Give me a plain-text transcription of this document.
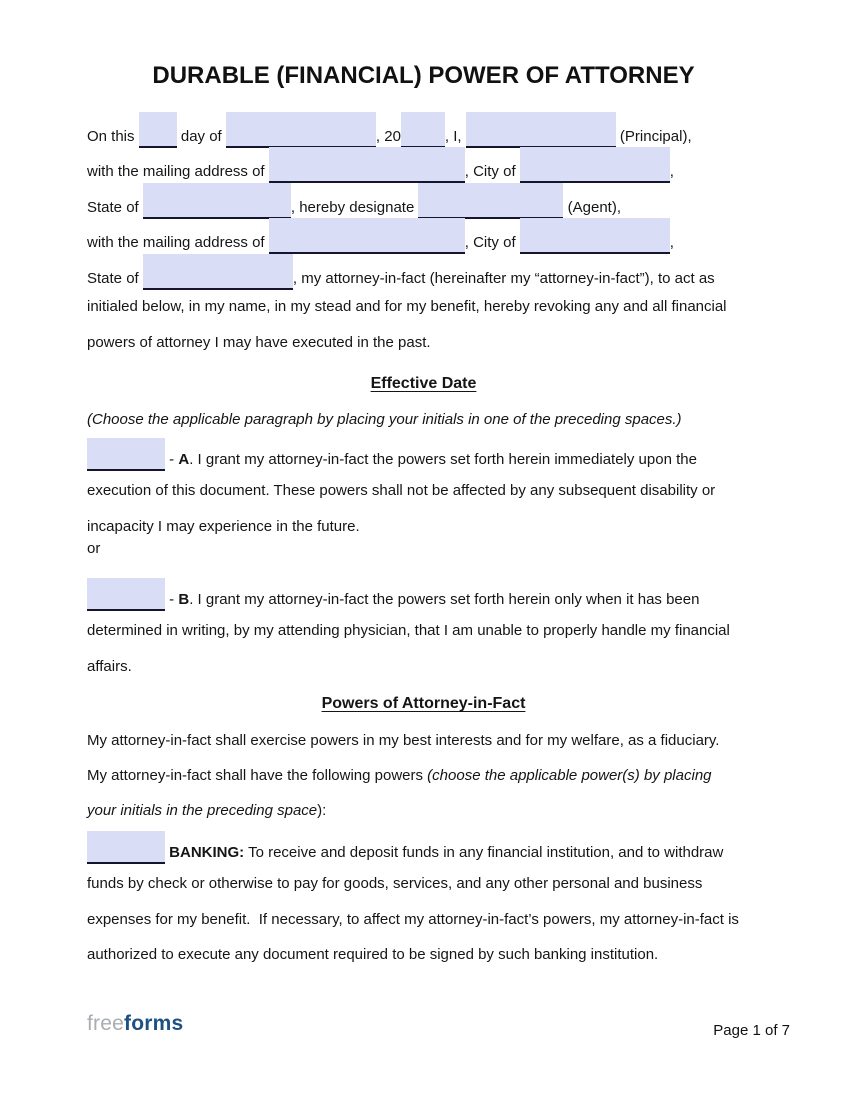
DURABLE (FINANCIAL) POWER OF ATTORNEY
On this	day of	, 20	, I,	(Principal),
with the mailing address of	, City of	,
State of	, hereby designate	(Agent),
with the mailing address of	, City of	,
State of	, my attorney-in-fact (hereinafter my “attorney-in-fact”), to act as
initialed below, in my name, in my stead and for my benefit, hereby revoking any and all financial
powers of attorney I may have executed in the past.
Effective Date
(Choose the applicable paragraph by placing your initials in one of the preceding spaces.)
- A. I grant my attorney-in-fact the powers set forth herein immediately upon the
execution of this document. These powers shall not be affected by any subsequent disability or
incapacity I may experience in the future.
or
- B. I grant my attorney-in-fact the powers set forth herein only when it has been
determined in writing, by my attending physician, that I am unable to properly handle my financial
affairs.
Powers of Attorney-in-Fact
My attorney-in-fact shall exercise powers in my best interests and for my welfare, as a fiduciary.
My attorney-in-fact shall have the following powers (choose the applicable power(s) by placing
your initials in the preceding space):
BANKING: To receive and deposit funds in any financial institution, and to withdraw
funds by check or otherwise to pay for goods, services, and any other personal and business
expenses for my benefit.  If necessary, to affect my attorney-in-fact’s powers, my attorney-in-fact is
authorized to execute any document required to be signed by such banking institution.
freeforms	Page 1 of 7
